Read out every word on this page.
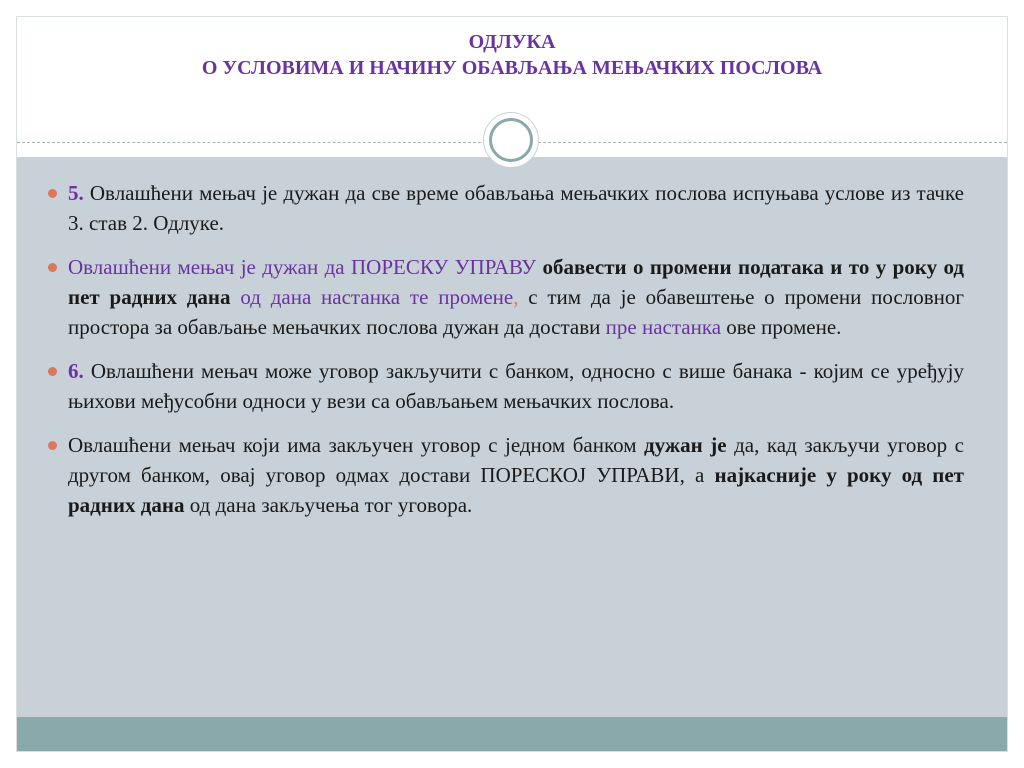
ОДЛУКА
О УСЛОВИМА И НАЧИНУ ОБАВЉАЊА МЕЊАЧКИХ ПОСЛОВА

5. Овлашћени мењач је дужан да све време обављања мењачких послова испуњава услове из тачке 3. став 2. Одлуке.

Овлашћени мењач је дужан да ПОРЕСКУ УПРАВУ обавести о промени података и то у року од пет радних дана од дана настанка те промене, с тим да је обавештење о промени пословног простора за обављање мењачких послова дужан да достави пре настанка ове промене.

6. Овлашћени мењач може уговор закључити с банком, односно с више банака - којим се уређују њихови међусобни односи у вези са обављањем мењачких послова.

Овлашћени мењач који има закључен уговор с једном банком дужан је да, кад закључи уговор с другом банком, овај уговор одмах достави ПОРЕСКОЈ УПРАВИ, а најкасније у року од пет радних дана од дана закључења тог уговора.
